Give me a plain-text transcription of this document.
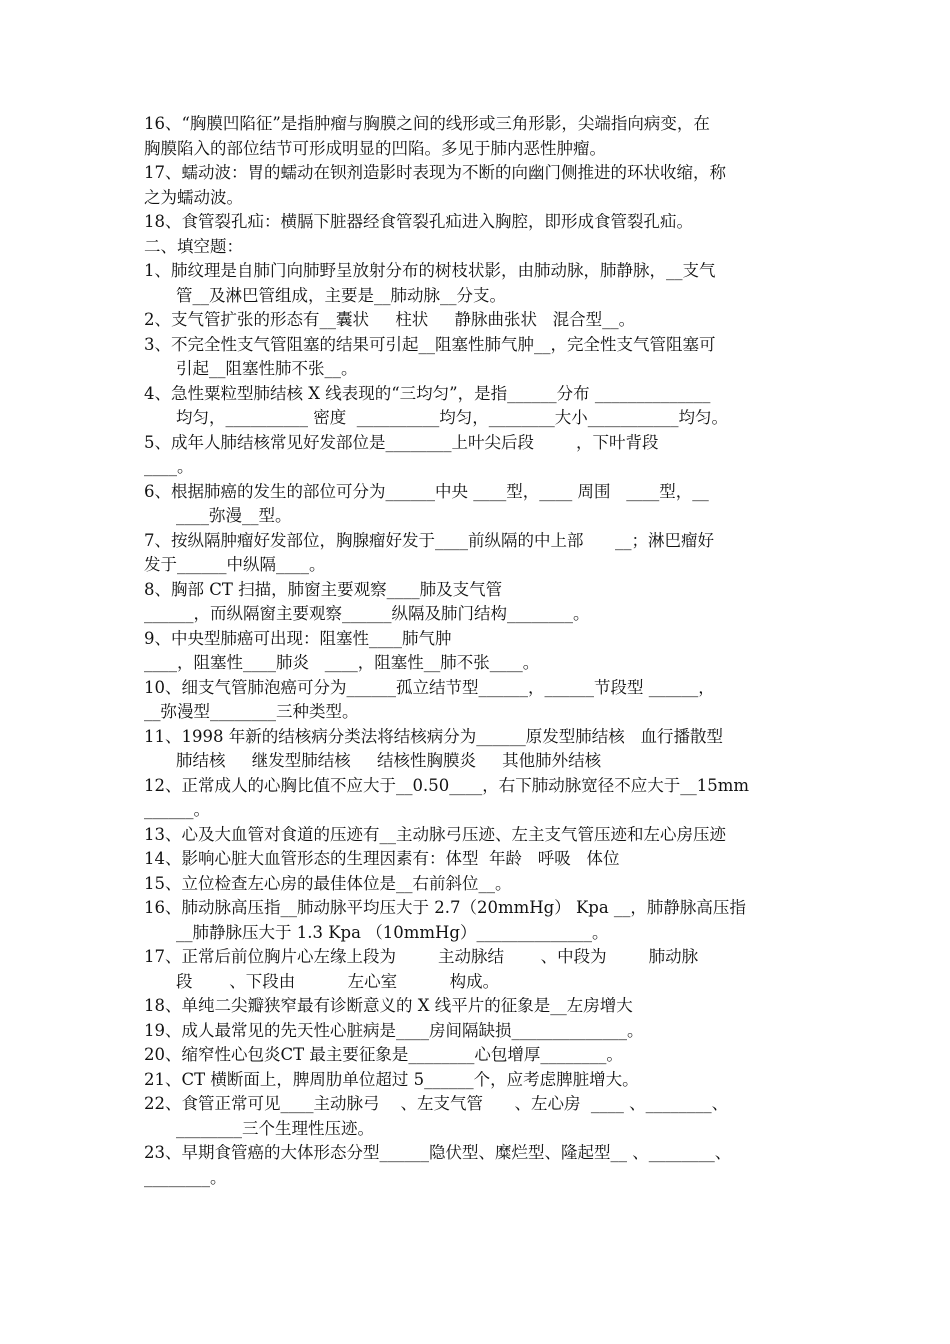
16、“胸膜凹陷征”是指肿瘤与胸膜之间的线形或三角形影，尖端指向病变，在
胸膜陷入的部位结节可形成明显的凹陷。多见于肺内恶性肿瘤。
17、蠕动波：胃的蠕动在钡剂造影时表现为不断的向幽门侧推进的环状收缩，称
之为蠕动波。
18、食管裂孔疝：横膈下脏器经食管裂孔疝进入胸腔，即形成食管裂孔疝。
二、填空题：
1、肺纹理是自肺门向肺野呈放射分布的树枝状影，由肺动脉，肺静脉，__支气
管__及淋巴管组成，主要是__肺动脉__分支。
2、支气管扩张的形态有__囊状     柱状     静脉曲张状   混合型__。
3、不完全性支气管阻塞的结果可引起__阻塞性肺气肿__，完全性支气管阻塞可
引起__阻塞性肺不张__。
4、急性粟粒型肺结核 X 线表现的“三均匀”，是指______分布 ______________
均匀，__________ 密度  __________均匀，________大小___________均匀。
5、成年人肺结核常见好发部位是________上叶尖后段        ，下叶背段
____。
6、根据肺癌的发生的部位可分为______中央 ____型，____ 周围   ____型，__
____弥漫__型。
7、按纵隔肿瘤好发部位，胸腺瘤好发于____前纵隔的中上部      __；淋巴瘤好
发于______中纵隔____。
8、胸部 CT 扫描，肺窗主要观察____肺及支气管
______，而纵隔窗主要观察______纵隔及肺门结构________。
9、中央型肺癌可出现：阻塞性____肺气肿
____，阻塞性____肺炎   ____，阻塞性__肺不张____。
10、细支气管肺泡癌可分为______孤立结节型______，______节段型 ______，
__弥漫型________三种类型。
11、1998 年新的结核病分类法将结核病分为______原发型肺结核   血行播散型
肺结核     继发型肺结核     结核性胸膜炎     其他肺外结核
12、正常成人的心胸比值不应大于__0.50____，右下肺动脉宽径不应大于__15mm
______。
13、心及大血管对食道的压迹有__主动脉弓压迹、左主支气管压迹和左心房压迹
14、影响心脏大血管形态的生理因素有：体型  年龄   呼吸   体位
15、立位检查左心房的最佳体位是__右前斜位__。
16、肺动脉高压指__肺动脉平均压大于 2.7（20mmHg） Kpa __，肺静脉高压指
__肺静脉压大于 1.3 Kpa （10mmHg）______________。
17、正常后前位胸片心左缘上段为        主动脉结       、中段为        肺动脉
段       、下段由          左心室          构成。
18、单纯二尖瓣狭窄最有诊断意义的 X 线平片的征象是__左房增大
19、成人最常见的先天性心脏病是____房间隔缺损______________。
20、缩窄性心包炎CT 最主要征象是________心包增厚________。
21、CT 横断面上，脾周肋单位超过 5______个，应考虑脾脏增大。
22、食管正常可见____主动脉弓    、左支气管      、左心房  ____ 、________、
________三个生理性压迹。
23、早期食管癌的大体形态分型______隐伏型、糜烂型、隆起型__ 、________、
________。
